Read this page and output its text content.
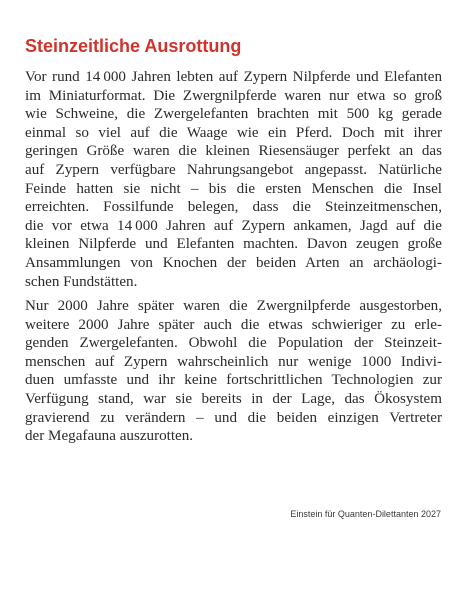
Steinzeitliche Ausrottung
Vor rund 14 000 Jahren lebten auf Zypern Nilpferde und Elefanten
im Miniaturformat. Die Zwergnilpferde waren nur etwa so groß
wie Schweine, die Zwergelefanten brachten mit 500 kg gerade
einmal so viel auf die Waage wie ein Pferd. Doch mit ihrer
geringen Größe waren die kleinen Riesensäuger perfekt an das
auf Zypern verfügbare Nahrungsangebot angepasst. Natürliche
Feinde hatten sie nicht – bis die ersten Menschen die Insel
erreichten. Fossilfunde belegen, dass die Steinzeitmenschen,
die vor etwa 14 000 Jahren auf Zypern ankamen, Jagd auf die
kleinen Nilpferde und Elefanten machten. Davon zeugen große
Ansammlungen von Knochen der beiden Arten an archäologi-
schen Fundstätten.
Nur 2000 Jahre später waren die Zwergnilpferde ausgestorben,
weitere 2000 Jahre später auch die etwas schwieriger zu erle-
genden Zwergelefanten. Obwohl die Population der Steinzeit-
menschen auf Zypern wahrscheinlich nur wenige 1000 Indivi-
duen umfasste und ihr keine fortschrittlichen Technologien zur
Verfügung stand, war sie bereits in der Lage, das Ökosystem
gravierend zu verändern – und die beiden einzigen Vertreter
der Megafauna auszurotten.
Einstein für Quanten-Dilettanten 2027
